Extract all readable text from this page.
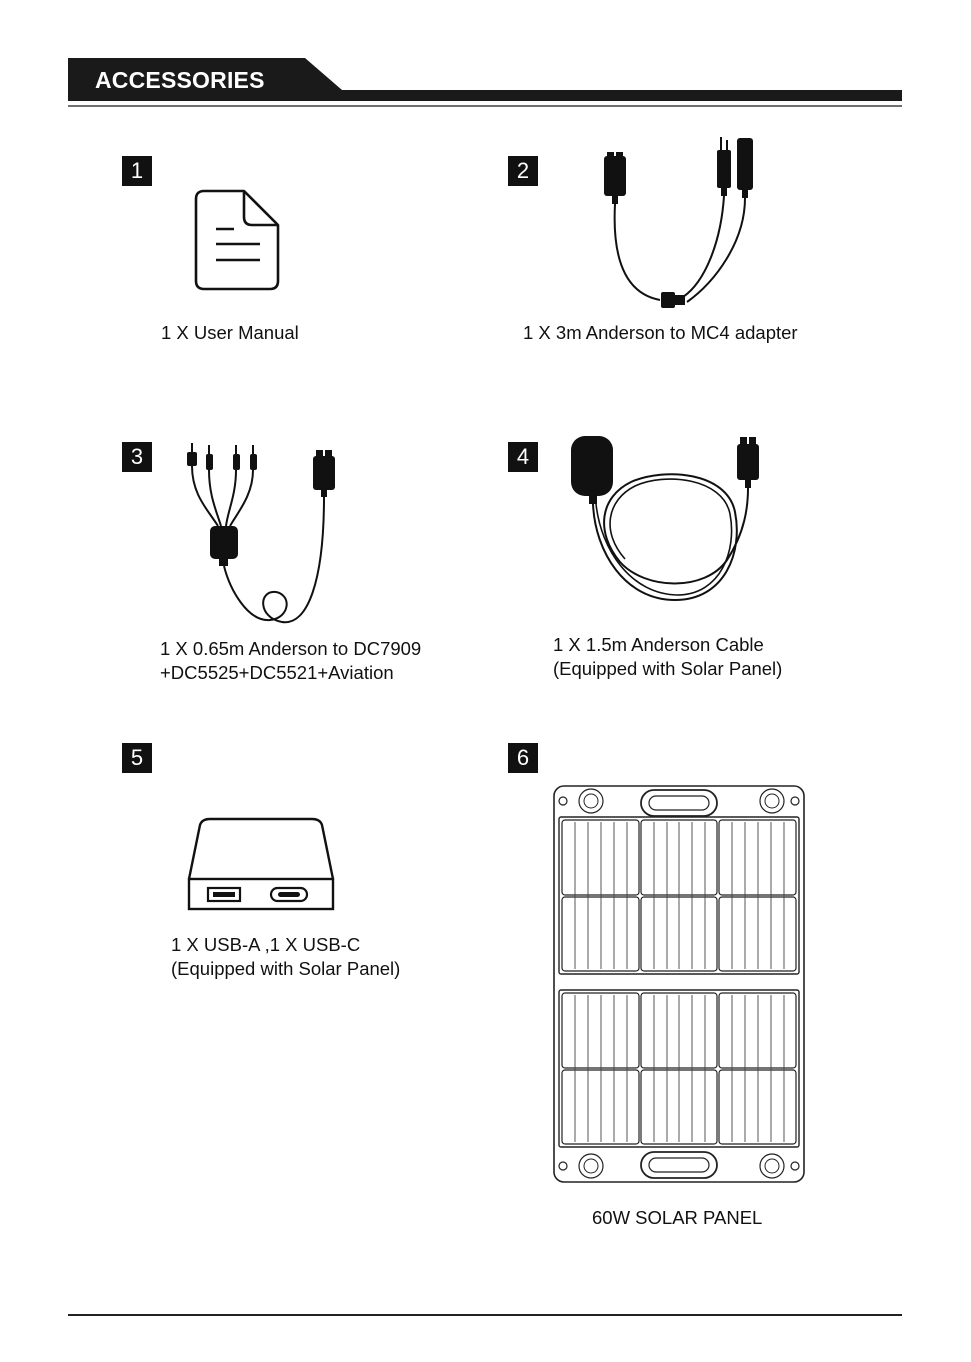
ACCESSORIES
1
1 X User Manual
2
1 X 3m Anderson to MC4 adapter
3
1 X 0.65m Anderson to DC7909
+DC5525+DC5521+Aviation
4
1 X 1.5m Anderson Cable
(Equipped with Solar Panel)
5
1 X USB-A ,1 X USB-C
(Equipped with Solar Panel)
6
60W SOLAR PANEL
